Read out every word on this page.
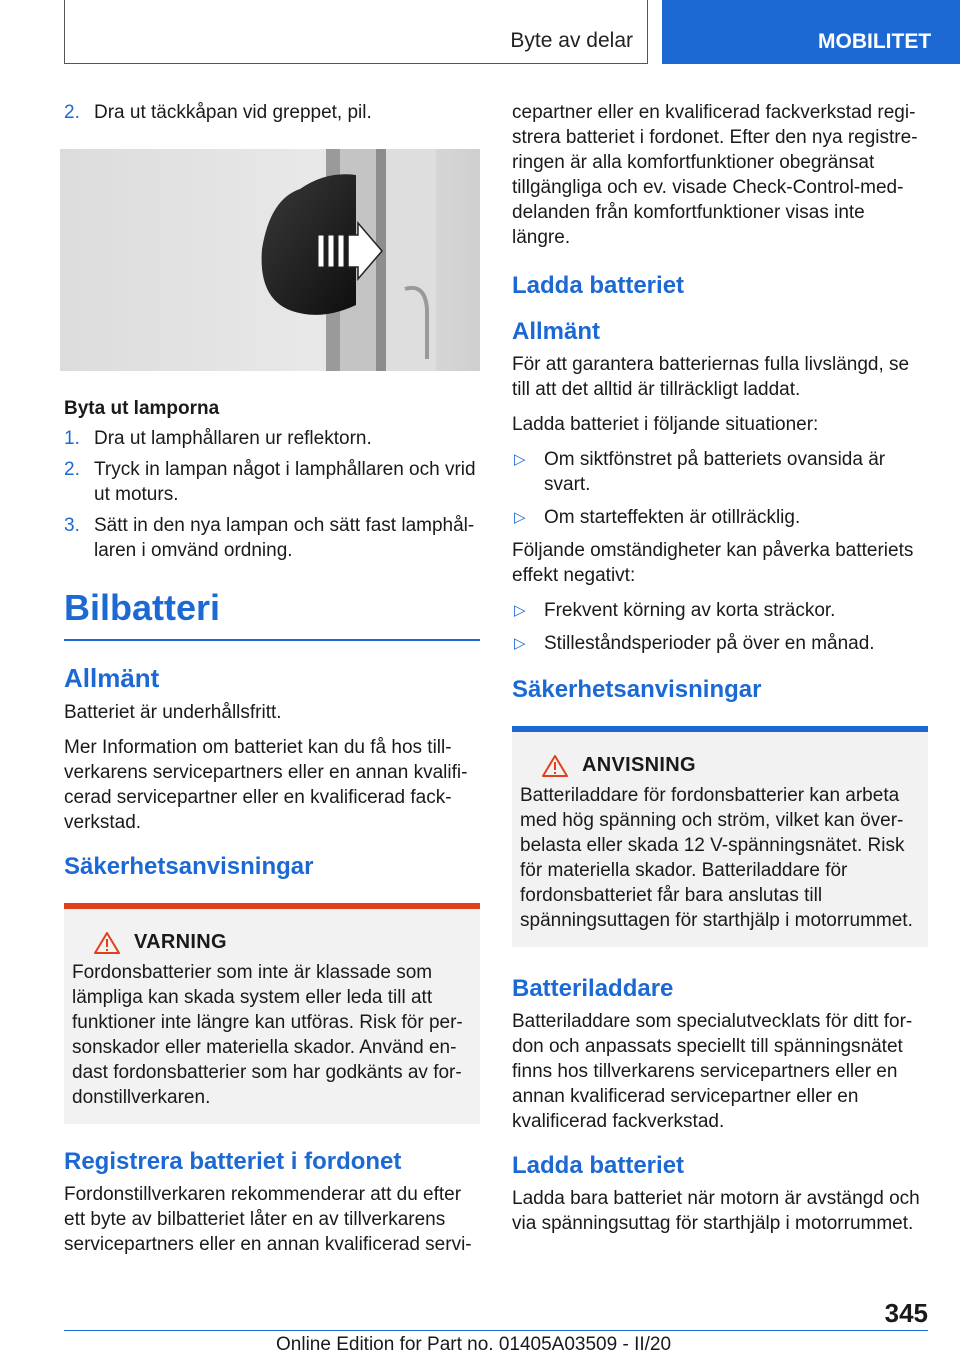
Byte av delar	MOBILITET
2. Dra ut täckkåpan vid greppet, pil.
Byta ut lamporna
1. Dra ut lamphållaren ur reflektorn.
2. Tryck in lampan något i lamphållaren och vrid ut moturs.
3. Sätt in den nya lampan och sätt fast lamphållaren i omvänd ordning.
Bilbatteri
Allmänt

Batteriet är underhållsfritt.

Mer Information om batteriet kan du få hos tillverkarens servicepartners eller en annan kvalificerad servicepartner eller en kvalificerad fackverkstad.

Säkerhetsanvisningar
VARNING

Fordonsbatterier som inte är klassade som lämpliga kan skada system eller leda till att funktioner inte längre kan utföras. Risk för personskador eller materiella skador. Använd endast fordonsbatterier som har godkänts av fordonstillverkaren.

Registrera batteriet i fordonet

Fordonstillverkaren rekommenderar att du efter ett byte av bilbatteriet låter en av tillverkarens servicepartners eller en annan kvalificerad servi-

cepartner eller en kvalificerad fackverkstad registrera batteriet i fordonet. Efter den nya registreringen är alla komfortfunktioner obegränsat tillgängliga och ev. visade Check-Control-meddelanden från komfortfunktioner visas inte längre.

Ladda batteriet
Allmänt

För att garantera batteriernas fulla livslängd, se till att det alltid är tillräckligt laddat.

Ladda batteriet i följande situationer:

▷ Om siktfönstret på batteriets ovansida är svart.
▷ Om starteffekten är otillräcklig.

Följande omständigheter kan påverka batteriets effekt negativt:

▷ Frekvent körning av korta sträckor.
▷ Stilleståndsperioder på över en månad.
Säkerhetsanvisningar
ANVISNING

Batteriladdare för fordonsbatterier kan arbeta med hög spänning och ström, vilket kan överbelasta eller skada 12 V-spänningsnätet. Risk för materiella skador. Batteriladdare för fordonsbatteriet får bara anslutas till spänningsuttagen för starthjälp i motorrummet.

Batteriladdare

Batteriladdare som specialutvecklats för ditt fordon och anpassats speciellt till spänningsnätet finns hos tillverkarens servicepartners eller en annan kvalificerad servicepartner eller en kvalificerad fackverkstad.

Ladda batteriet

Ladda bara batteriet när motorn är avstängd och via spänningsuttag för starthjälp i motorrummet.

345
Online Edition for Part no. 01405A03509 - II/20
